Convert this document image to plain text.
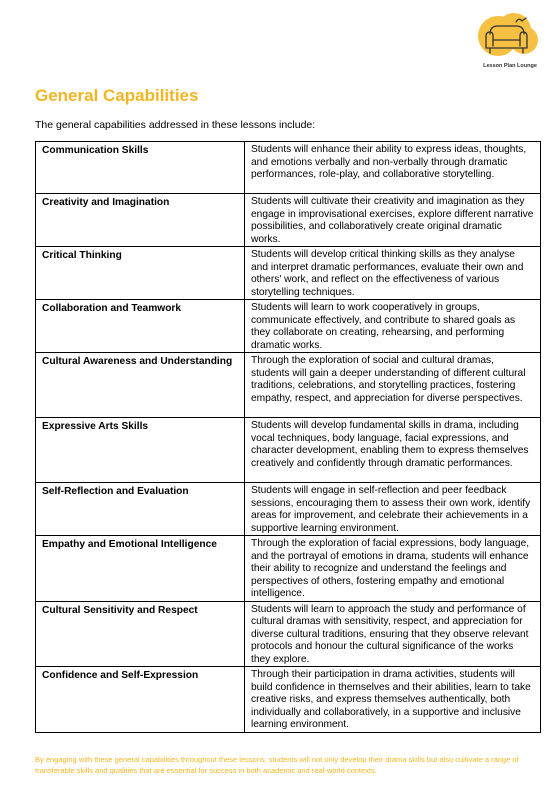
Lesson Plan Lounge
General Capabilities
The general capabilities addressed in these lessons include:
Communication Skills	Students will enhance their ability to express ideas, thoughts, and emotions verbally and non-verbally through dramatic performances, role-play, and collaborative storytelling.
Creativity and Imagination	Students will cultivate their creativity and imagination as they engage in improvisational exercises, explore different narrative possibilities, and collaboratively create original dramatic works.
Critical Thinking	Students will develop critical thinking skills as they analyse and interpret dramatic performances, evaluate their own and others' work, and reflect on the effectiveness of various storytelling techniques.
Collaboration and Teamwork	Students will learn to work cooperatively in groups, communicate effectively, and contribute to shared goals as they collaborate on creating, rehearsing, and performing dramatic works.
Cultural Awareness and Understanding	Through the exploration of social and cultural dramas, students will gain a deeper understanding of different cultural traditions, celebrations, and storytelling practices, fostering empathy, respect, and appreciation for diverse perspectives.
Expressive Arts Skills	Students will develop fundamental skills in drama, including vocal techniques, body language, facial expressions, and character development, enabling them to express themselves creatively and confidently through dramatic performances.
Self-Reflection and Evaluation	Students will engage in self-reflection and peer feedback sessions, encouraging them to assess their own work, identify areas for improvement, and celebrate their achievements in a supportive learning environment.
Empathy and Emotional Intelligence	Through the exploration of facial expressions, body language, and the portrayal of emotions in drama, students will enhance their ability to recognize and understand the feelings and perspectives of others, fostering empathy and emotional intelligence.
Cultural Sensitivity and Respect	Students will learn to approach the study and performance of cultural dramas with sensitivity, respect, and appreciation for diverse cultural traditions, ensuring that they observe relevant protocols and honour the cultural significance of the works they explore.
Confidence and Self-Expression	Through their participation in drama activities, students will build confidence in themselves and their abilities, learn to take creative risks, and express themselves authentically, both individually and collaboratively, in a supportive and inclusive learning environment.
By engaging with these general capabilities throughout these lessons, students will not only develop their drama skills but also cultivate a range of transferable skills and qualities that are essential for success in both academic and real-world contexts.
